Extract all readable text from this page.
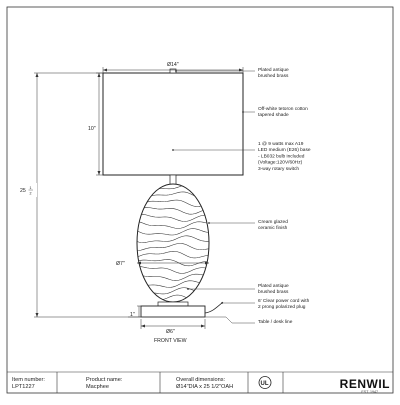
Ø14"
10"
25 1
2
Ø7"
1"
Ø6"
FRONT VIEW
Plated antique
brushed brass
Off-white tetoron cotton
tapered shade
1 @ 9 watts max A19
LED medium (E26) base
- LB032 bulb included
(Voltage:120V/60Hz)
3-way rotary switch
Cream glazed
ceramic finish
Plated antique
brushed brass
6' Clear power cord with
2 prong polarized plug
Table / desk line
UL
Item number:
LPT1227
Product name:
Macphee
Overall dimensions:
Ø14"DIA x 25 1/2"OAH	RENWIL
EST. 1947
